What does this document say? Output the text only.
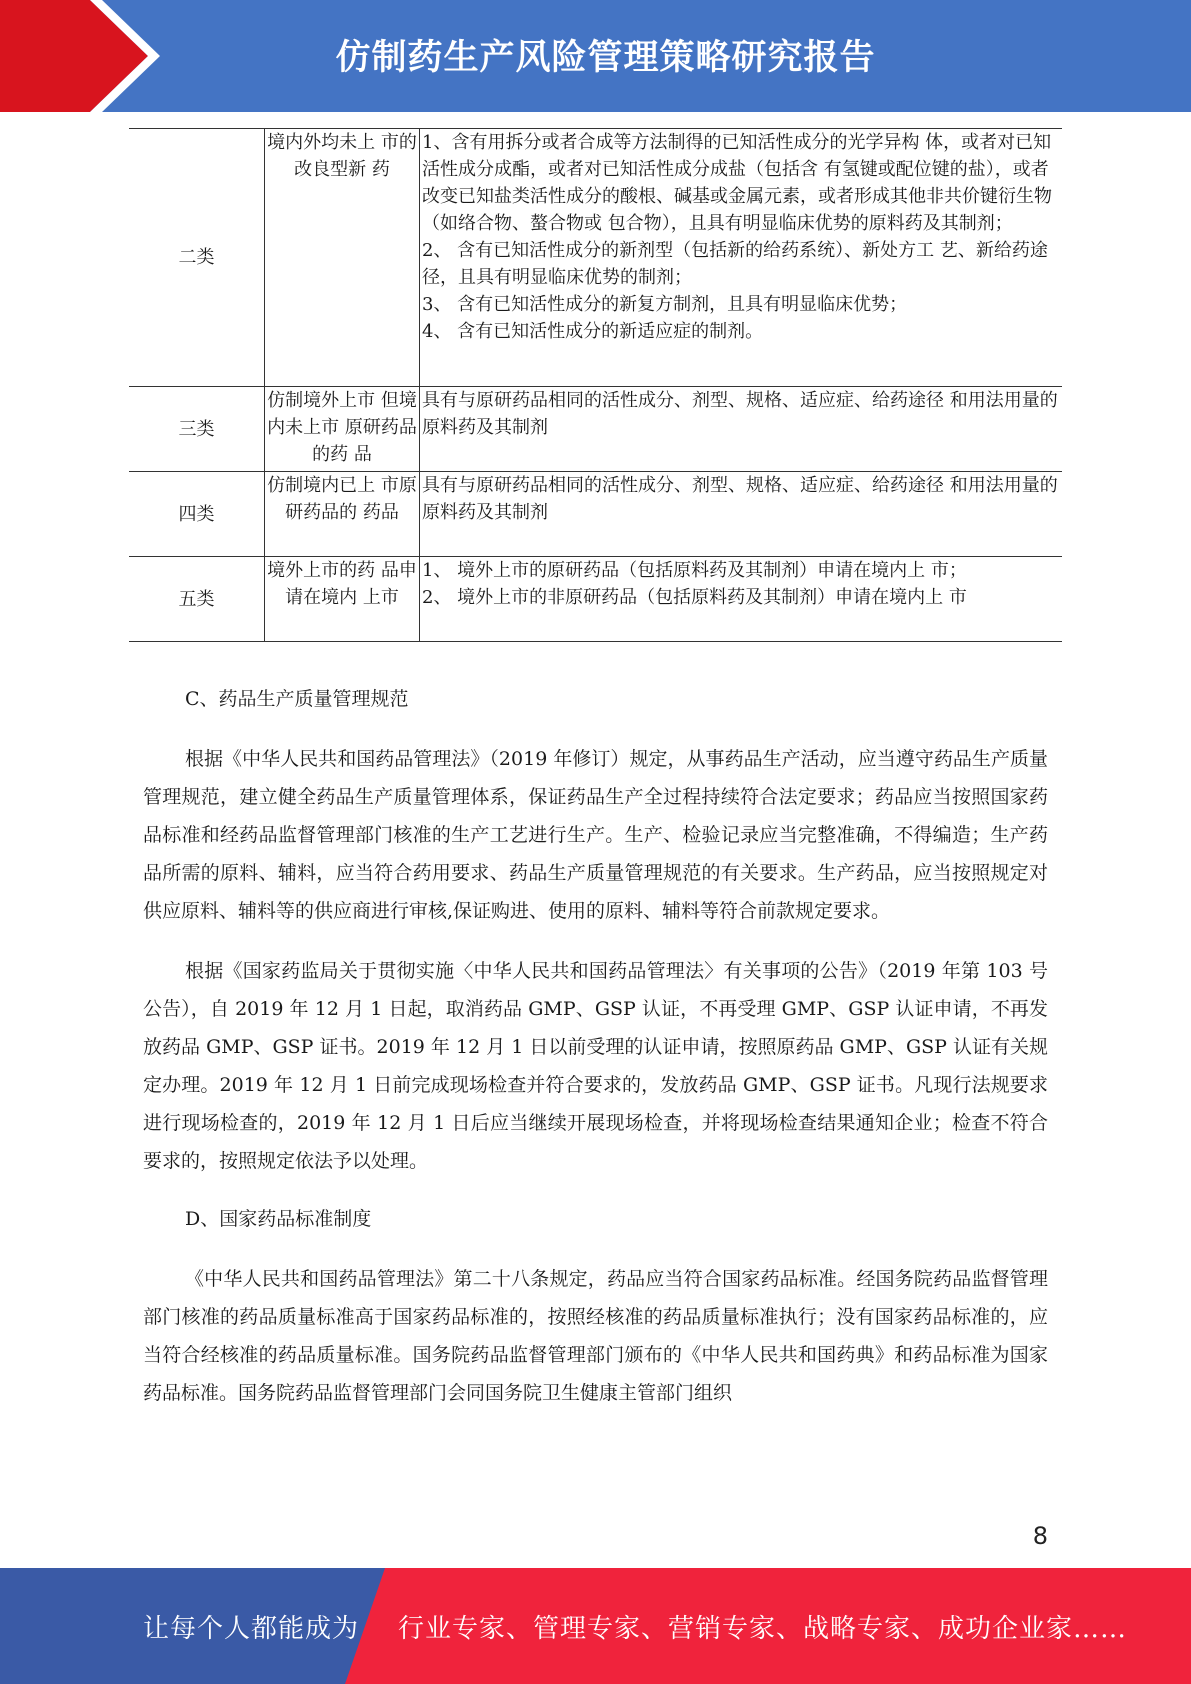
仿制药生产风险管理策略研究报告
二类	境内外均未上 市的改良型新 药	1、含有用拆分或者合成等方法制得的已知活性成分的光学异构 体，或者对已知活性成分成酯，或者对已知活性成分成盐（包括含 有氢键或配位键的盐），或者改变已知盐类活性成分的酸根、碱基或金属元素，或者形成其他非共价键衍生物（如络合物、螯合物或 包合物），且具有明显临床优势的原料药及其制剂；
2、 含有已知活性成分的新剂型（包括新的给药系统）、新处方工 艺、新给药途径，且具有明显临床优势的制剂；
3、 含有已知活性成分的新复方制剂，且具有明显临床优势；
4、 含有已知活性成分的新适应症的制剂。

三类	仿制境外上市 但境内未上市 原研药品的药 品	具有与原研药品相同的活性成分、剂型、规格、适应症、给药途径 和用法用量的原料药及其制剂

四类	仿制境内已上 市原研药品的 药品	具有与原研药品相同的活性成分、剂型、规格、适应症、给药途径 和用法用量的原料药及其制剂

五类	境外上市的药 品申请在境内 上市	1、 境外上市的原研药品（包括原料药及其制剂）申请在境内上 市；
2、 境外上市的非原研药品（包括原料药及其制剂）申请在境内上 市

C、药品生产质量管理规范

根据《中华人民共和国药品管理法》（2019 年修订）规定，从事药品生产活动，应当遵守药品生产质量管理规范，建立健全药品生产质量管理体系，保证药品生产全过程持续符合法定要求；药品应当按照国家药品标准和经药品监督管理部门核准的生产工艺进行生产。生产、检验记录应当完整准确，不得编造；生产药品所需的原料、辅料，应当符合药用要求、药品生产质量管理规范的有关要求。生产药品，应当按照规定对供应原料、辅料等的供应商进行审核,保证购进、使用的原料、辅料等符合前款规定要求。

根据《国家药监局关于贯彻实施〈中华人民共和国药品管理法〉有关事项的公告》（2019 年第 103 号公告），自 2019 年 12 月 1 日起，取消药品 GMP、GSP 认证，不再受理 GMP、GSP 认证申请，不再发放药品 GMP、GSP 证书。2019 年 12 月 1 日以前受理的认证申请，按照原药品 GMP、GSP 认证有关规定办理。2019 年 12 月 1 日前完成现场检查并符合要求的，发放药品 GMP、GSP 证书。凡现行法规要求进行现场检查的，2019 年 12 月 1 日后应当继续开展现场检查，并将现场检查结果通知企业；检查不符合要求的，按照规定依法予以处理。

D、国家药品标准制度

《中华人民共和国药品管理法》第二十八条规定，药品应当符合国家药品标准。经国务院药品监督管理部门核准的药品质量标准高于国家药品标准的，按照经核准的药品质量标准执行；没有国家药品标准的，应当符合经核准的药品质量标准。国务院药品监督管理部门颁布的《中华人民共和国药典》和药品标准为国家药品标准。国务院药品监督管理部门会同国务院卫生健康主管部门组织

8
让每个人都能成为 行业专家、管理专家、营销专家、战略专家、成功企业家……
